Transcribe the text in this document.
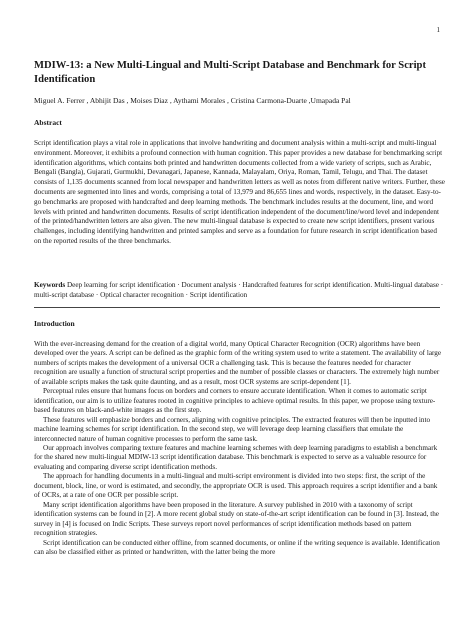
1
MDIW-13: a New Multi-Lingual and Multi-Script Database and Benchmark for Script Identification
Miguel A. Ferrer , Abhijit Das , Moises Diaz , Aythami Morales , Cristina Carmona-Duarte ,Umapada Pal
Abstract

Script identification plays a vital role in applications that involve handwriting and document analysis within a multi-script and multi-lingual environment. Moreover, it exhibits a profound connection with human cognition. This paper provides a new database for benchmarking script identification algorithms, which contains both printed and handwritten documents collected from a wide variety of scripts, such as Arabic, Bengali (Bangla), Gujarati, Gurmukhi, Devanagari, Japanese, Kannada, Malayalam, Oriya, Roman, Tamil, Telugu, and Thai. The dataset consists of 1,135 documents scanned from local newspaper and handwritten letters as well as notes from different native writers. Further, these documents are segmented into lines and words, comprising a total of 13,979 and 86,655 lines and words, respectively, in the dataset. Easy-to-go benchmarks are proposed with handcrafted and deep learning methods. The benchmark includes results at the document, line, and word levels with printed and handwritten documents. Results of script identification independent of the document/line/word level and independent of the printed/handwritten letters are also given. The new multi-lingual database is expected to create new script identifiers, present various challenges, including identifying handwritten and printed samples and serve as a foundation for future research in script identification based on the reported results of the three benchmarks.

Keywords Deep learning for script identification · Document analysis · Handcrafted features for script identification. Multi-lingual database · multi-script database · Optical character recognition · Script identification

Introduction

With the ever-increasing demand for the creation of a digital world, many Optical Character Recognition (OCR) algorithms have been developed over the years. A script can be defined as the graphic form of the writing system used to write a statement. The availability of large numbers of scripts makes the development of a universal OCR a challenging task. This is because the features needed for character recognition are usually a function of structural script properties and the number of possible classes or characters. The extremely high number of available scripts makes the task quite daunting, and as a result, most OCR systems are script-dependent [1].

Perceptual rules ensure that humans focus on borders and corners to ensure accurate identification. When it comes to automatic script identification, our aim is to utilize features rooted in cognitive principles to achieve optimal results. In this paper, we propose using texture-based features on black-and-white images as the first step.

These features will emphasize borders and corners, aligning with cognitive principles. The extracted features will then be inputted into machine learning schemes for script identification. In the second step, we will leverage deep learning classifiers that emulate the interconnected nature of human cognitive processes to perform the same task.

Our approach involves comparing texture features and machine learning schemes with deep learning paradigms to establish a benchmark for the shared new multi-lingual MDIW-13 script identification database. This benchmark is expected to serve as a valuable resource for evaluating and comparing diverse script identification methods.

The approach for handling documents in a multi-lingual and multi-script environment is divided into two steps: first, the script of the document, block, line, or word is estimated, and secondly, the appropriate OCR is used. This approach requires a script identifier and a bank of OCRs, at a rate of one OCR per possible script.

Many script identification algorithms have been proposed in the literature. A survey published in 2010 with a taxonomy of script identification systems can be found in [2]. A more recent global study on state-of-the-art script identification can be found in [3]. Instead, the survey in [4] is focused on Indic Scripts. These surveys report novel performances of script identification methods based on pattern recognition strategies.

Script identification can be conducted either offline, from scanned documents, or online if the writing sequence is available. Identification can also be classified either as printed or handwritten, with the latter being the more
